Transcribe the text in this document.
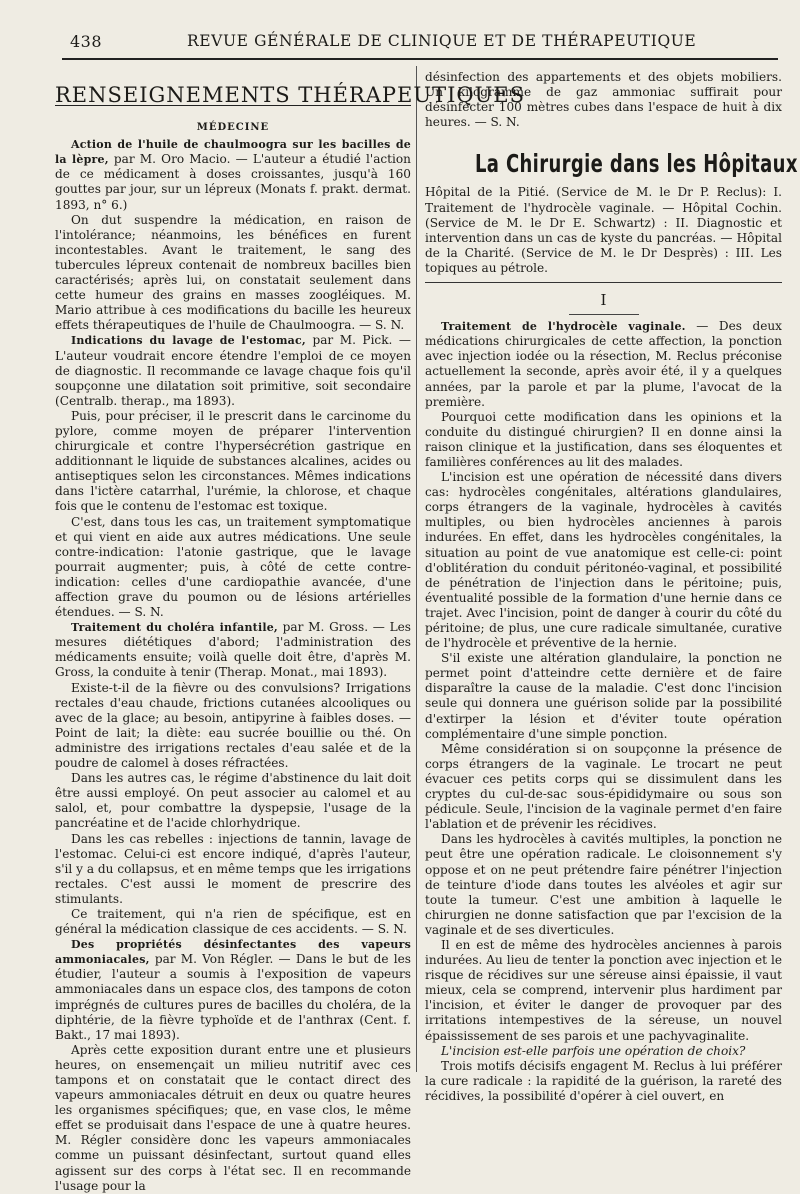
438	REVUE GÉNÉRALE DE CLINIQUE ET DE THÉRAPEUTIQUE
RENSEIGNEMENTS THÉRAPEUTIQUES
MÉDECINE

Action de l'huile de chaulmoogra sur les bacilles de la lèpre, par M. Oro Macio. — L'auteur a étudié l'action de ce médicament à doses croissantes, jusqu'à 160 gouttes par jour, sur un lépreux (Monats f. prakt. dermat. 1893, n° 6.)

On dut suspendre la médication, en raison de l'intolérance; néanmoins, les bénéfices en furent incontestables. Avant le traitement, le sang des tubercules lépreux contenait de nombreux bacilles bien caractérisés; après lui, on constatait seulement dans cette humeur des grains en masses zoogléiques. M. Mario attribue à ces modifications du bacille les heureux effets thérapeutiques de l'huile de Chaulmoogra. — S. N.

Indications du lavage de l'estomac, par M. Pick. — L'auteur voudrait encore étendre l'emploi de ce moyen de diagnostic. Il recommande ce lavage chaque fois qu'il soupçonne une dilatation soit primitive, soit secondaire (Centralb. therap., ma 1893).

Puis, pour préciser, il le prescrit dans le carcinome du pylore, comme moyen de préparer l'intervention chirurgicale et contre l'hypersécrétion gastrique en additionnant le liquide de substances alcalines, acides ou antiseptiques selon les circonstances. Mêmes indications dans l'ictère catarrhal, l'urémie, la chlorose, et chaque fois que le contenu de l'estomac est toxique.

C'est, dans tous les cas, un traitement symptomatique et qui vient en aide aux autres médications. Une seule contre-indication: l'atonie gastrique, que le lavage pourrait augmenter; puis, à côté de cette contre-indication: celles d'une cardiopathie avancée, d'une affection grave du poumon ou de lésions artérielles étendues. — S. N.

Traitement du choléra infantile, par M. Gross. — Les mesures diététiques d'abord; l'administration des médicaments ensuite; voilà quelle doit être, d'après M. Gross, la conduite à tenir (Therap. Monat., mai 1893).

Existe-t-il de la fièvre ou des convulsions? Irrigations rectales d'eau chaude, frictions cutanées alcooliques ou avec de la glace; au besoin, antipyrine à faibles doses. — Point de lait; la diète: eau sucrée bouillie ou thé. On administre des irrigations rectales d'eau salée et de la poudre de calomel à doses réfractées.

Dans les autres cas, le régime d'abstinence du lait doit être aussi employé. On peut associer au calomel et au salol, et, pour combattre la dyspepsie, l'usage de la pancréatine et de l'acide chlorhydrique.

Dans les cas rebelles : injections de tannin, lavage de l'estomac. Celui-ci est encore indiqué, d'après l'auteur, s'il y a du collapsus, et en même temps que les irrigations rectales. C'est aussi le moment de prescrire des stimulants.

Ce traitement, qui n'a rien de spécifique, est en général la médication classique de ces accidents. — S. N.

Des propriétés désinfectantes des vapeurs ammoniacales, par M. Von Régler. — Dans le but de les étudier, l'auteur a soumis à l'exposition de vapeurs ammoniacales dans un espace clos, des tampons de coton imprégnés de cultures pures de bacilles du choléra, de la diphtérie, de la fièvre typhoïde et de l'anthrax (Cent. f. Bakt., 17 mai 1893).

Après cette exposition durant entre une et plusieurs heures, on ensemençait un milieu nutritif avec ces tampons et on constatait que le contact direct des vapeurs ammoniacales détruit en deux ou quatre heures les organismes spécifiques; que, en vase clos, le même effet se produisait dans l'espace de une à quatre heures. M. Régler considère donc les vapeurs ammoniacales comme un puissant désinfectant, surtout quand elles agissent sur des corps à l'état sec. Il en recommande l'usage pour la

désinfection des appartements et des objets mobiliers. Un kilogramme de gaz ammoniac suffirait pour désinfecter 100 mètres cubes dans l'espace de huit à dix heures. — S. N.

La Chirurgie dans les Hôpitaux

Hôpital de la Pitié. (Service de M. le Dr P. Reclus): I. Traitement de l'hydrocèle vaginale. — Hôpital Cochin. (Service de M. le Dr E. Schwartz) : II. Diagnostic et intervention dans un cas de kyste du pancréas. — Hôpital de la Charité. (Service de M. le Dr Desprès) : III. Les topiques au pétrole.

I

Traitement de l'hydrocèle vaginale. — Des deux médications chirurgicales de cette affection, la ponction avec injection iodée ou la résection, M. Reclus préconise actuellement la seconde, après avoir été, il y a quelques années, par la parole et par la plume, l'avocat de la première.

Pourquoi cette modification dans les opinions et la conduite du distingué chirurgien? Il en donne ainsi la raison clinique et la justification, dans ses éloquentes et familières conférences au lit des malades.

L'incision est une opération de nécessité dans divers cas: hydrocèles congénitales, altérations glandulaires, corps étrangers de la vaginale, hydrocèles à cavités multiples, ou bien hydrocèles anciennes à parois indurées. En effet, dans les hydrocèles congénitales, la situation au point de vue anatomique est celle-ci: point d'oblitération du conduit péritonéo-vaginal, et possibilité de pénétration de l'injection dans le péritoine; puis, éventualité possible de la formation d'une hernie dans ce trajet. Avec l'incision, point de danger à courir du côté du péritoine; de plus, une cure radicale simultanée, curative de l'hydrocèle et préventive de la hernie.

S'il existe une altération glandulaire, la ponction ne permet point d'atteindre cette dernière et de faire disparaître la cause de la maladie. C'est donc l'incision seule qui donnera une guérison solide par la possibilité d'extirper la lésion et d'éviter toute opération complémentaire d'une simple ponction.

Même considération si on soupçonne la présence de corps étrangers de la vaginale. Le trocart ne peut évacuer ces petits corps qui se dissimulent dans les cryptes du cul-de-sac sous-épididymaire ou sous son pédicule. Seule, l'incision de la vaginale permet d'en faire l'ablation et de prévenir les récidives.

Dans les hydrocèles à cavités multiples, la ponction ne peut être une opération radicale. Le cloisonnement s'y oppose et on ne peut prétendre faire pénétrer l'injection de teinture d'iode dans toutes les alvéoles et agir sur toute la tumeur. C'est une ambition à laquelle le chirurgien ne donne satisfaction que par l'excision de la vaginale et de ses diverticules.

Il en est de même des hydrocèles anciennes à parois indurées. Au lieu de tenter la ponction avec injection et le risque de récidives sur une séreuse ainsi épaissie, il vaut mieux, cela se comprend, intervenir plus hardiment par l'incision, et éviter le danger de provoquer par des irritations intempestives de la séreuse, un nouvel épaississement de ses parois et une pachyvaginalite.

L'incision est-elle parfois une opération de choix?

Trois motifs décisifs engagent M. Reclus à lui préférer la cure radicale : la rapidité de la guérison, la rareté des récidives, la possibilité d'opérer à ciel ouvert, en
